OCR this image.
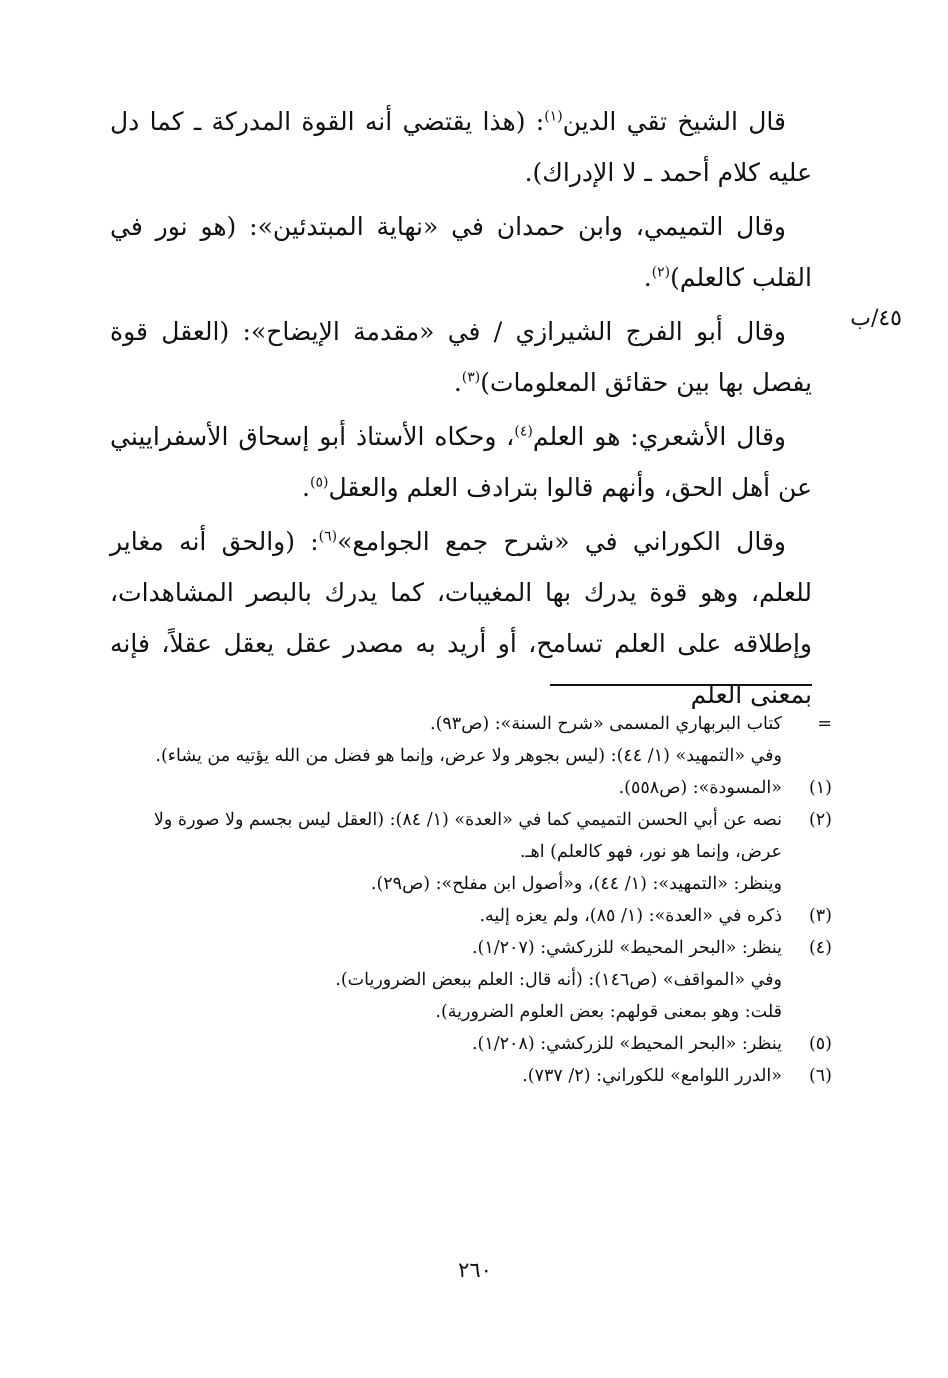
٤٥/ب

قال الشيخ تقي الدين$^{(١)}$: (هذا يقتضي أنه القوة المدركة ـ كما دل عليه كلام أحمد ـ لا الإدراك).

وقال التميمي، وابن حمدان في «نهاية المبتدئين»: (هو نور في القلب كالعلم)$^{(٢)}$.

وقال أبو الفرج الشيرازي / في «مقدمة الإيضاح»: (العقل قوة يفصل بها بين حقائق المعلومات)$^{(٣)}$.

وقال الأشعري: هو العلم$^{(٤)}$، وحكاه الأستاذ أبو إسحاق الأسفراييني عن أهل الحق، وأنهم قالوا بترادف العلم والعقل$^{(٥)}$.

وقال الكوراني في «شرح جمع الجوامع»$^{(٦)}$: (والحق أنه مغاير للعلم، وهو قوة يدرك بها المغيبات، كما يدرك بالبصر المشاهدات، وإطلاقه على العلم تسامح، أو أريد به مصدر عقل يعقل عقلاً، فإنه بمعنى العلم

=

كتاب البربهاري المسمى «شرح السنة»: (ص٩٣).

وفي «التمهيد» (١/ ٤٤): (ليس بجوهر ولا عرض، وإنما هو فضل من الله يؤتيه من يشاء).

(١)

«المسودة»: (ص٥٥٨).

(٢)

نصه عن أبي الحسن التميمي كما في «العدة» (١/ ٨٤): (العقل ليس بجسم ولا صورة ولا عرض، وإنما هو نور، فهو كالعلم) اهـ.

وينظر: «التمهيد»: (١/ ٤٤)، و«أصول ابن مفلح»: (ص٢٩).

(٣)

ذكره في «العدة»: (١/ ٨٥)، ولم يعزه إليه.

(٤)

ينظر: «البحر المحيط» للزركشي: (١/٢٠٧).

وفي «المواقف» (ص١٤٦): (أنه قال: العلم ببعض الضروريات).

قلت: وهو بمعنى قولهم: بعض العلوم الضرورية).

(٥)

ينظر: «البحر المحيط» للزركشي: (١/٢٠٨).

(٦)

«الدرر اللوامع» للكوراني: (٢/ ٧٣٧).

٢٦٠
